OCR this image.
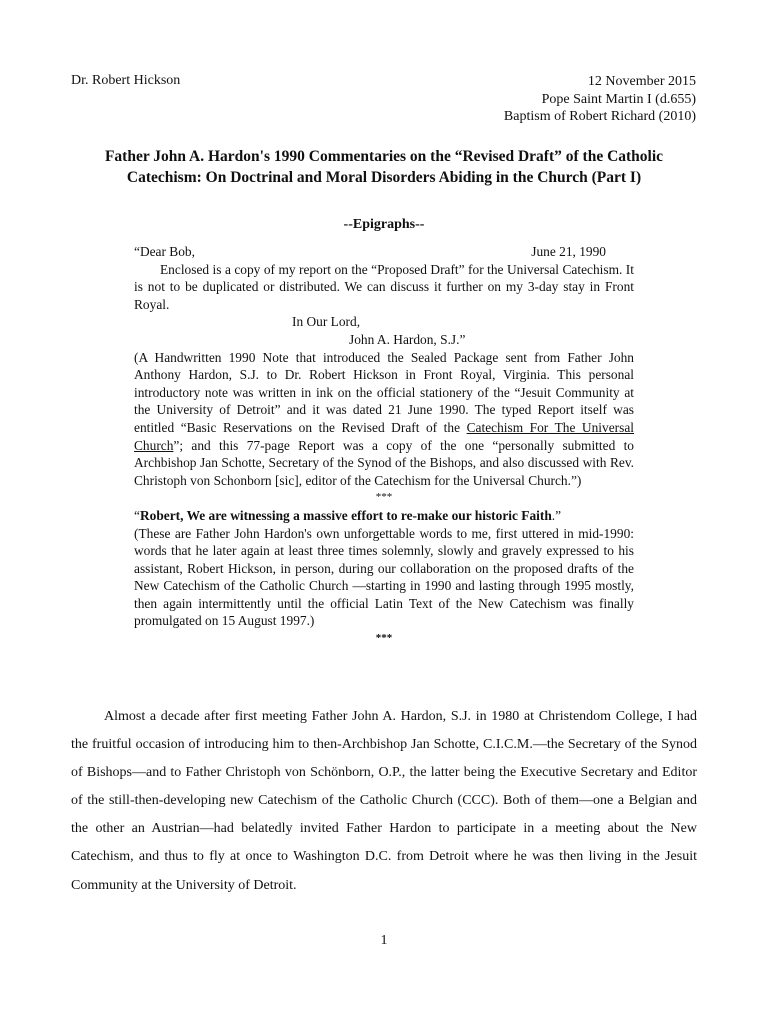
Dr. Robert Hickson	12 November 2015
Pope Saint Martin I (d.655)
Baptism of Robert Richard (2010)
Father John A. Hardon's 1990 Commentaries on the “Revised Draft” of the Catholic Catechism: On Doctrinal and Moral Disorders Abiding in the Church (Part I)
--Epigraphs--
“Dear Bob,	June 21, 1990
Enclosed is a copy of my report on the “Proposed Draft” for the Universal Catechism. It is not to be duplicated or distributed. We can discuss it further on my 3-day stay in Front Royal.
In Our Lord,
John A. Hardon, S.J.”
(A Handwritten 1990 Note that introduced the Sealed Package sent from Father John Anthony Hardon, S.J. to Dr. Robert Hickson in Front Royal, Virginia. This personal introductory note was written in ink on the official stationery of the “Jesuit Community at the University of Detroit” and it was dated 21 June 1990. The typed Report itself was entitled “Basic Reservations on the Revised Draft of the Catechism For The Universal Church”; and this 77-page Report was a copy of the one “personally submitted to Archbishop Jan Schotte, Secretary of the Synod of the Bishops, and also discussed with Rev. Christoph von Schonborn [sic], editor of the Catechism for the Universal Church.”)
***
“Robert, We are witnessing a massive effort to re-make our historic Faith.”
(These are Father John Hardon's own unforgettable words to me, first uttered in mid-1990: words that he later again at least three times solemnly, slowly and gravely expressed to his assistant, Robert Hickson, in person, during our collaboration on the proposed drafts of the New Catechism of the Catholic Church —starting in 1990 and lasting through 1995 mostly, then again intermittently until the official Latin Text of the New Catechism was finally promulgated on 15 August 1997.)
***
Almost a decade after first meeting Father John A. Hardon, S.J. in 1980 at Christendom College, I had the fruitful occasion of introducing him to then-Archbishop Jan Schotte, C.I.C.M.—the Secretary of the Synod of Bishops—and to Father Christoph von Schönborn, O.P., the latter being the Executive Secretary and Editor of the still-then-developing new Catechism of the Catholic Church (CCC). Both of them—one a Belgian and the other an Austrian—had belatedly invited Father Hardon to participate in a meeting about the New Catechism, and thus to fly at once to Washington D.C. from Detroit where he was then living in the Jesuit Community at the University of Detroit.
1
